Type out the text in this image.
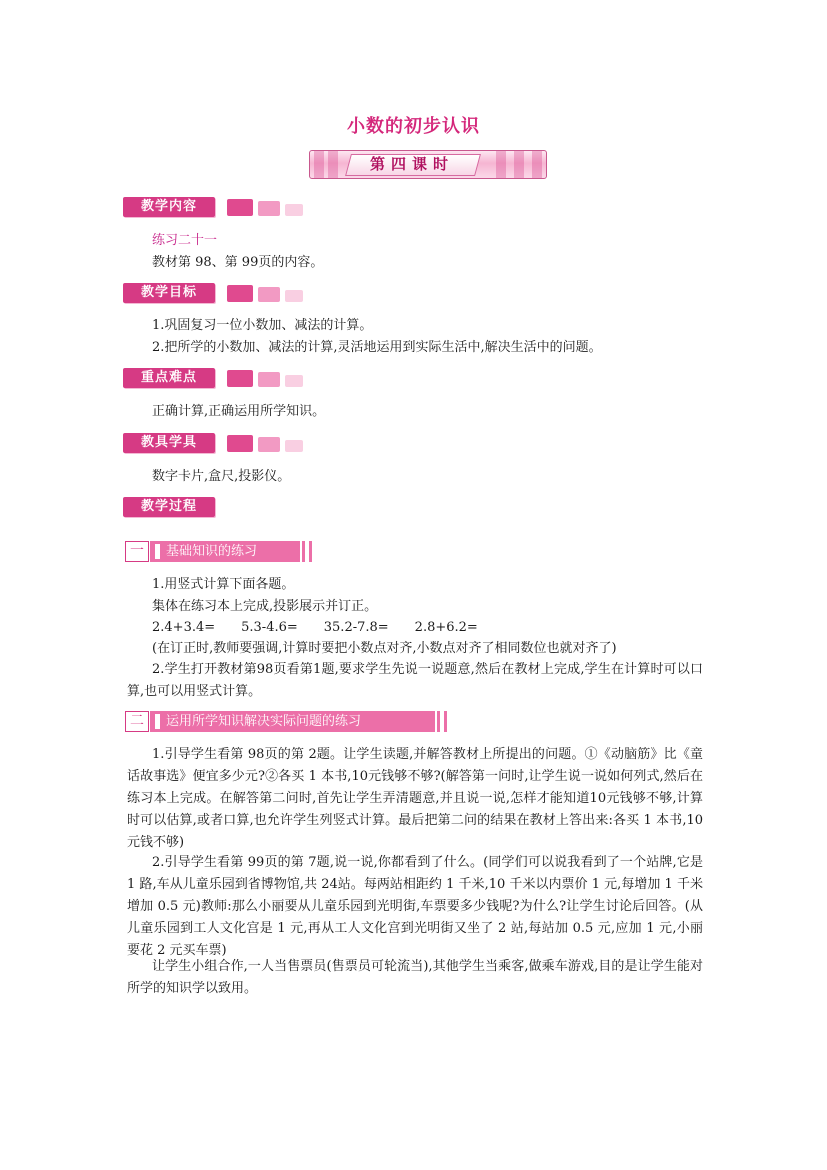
小数的初步认识
第四课时
教学内容
练习二十一
教材第 98、第 99页的内容。
教学目标
1.巩固复习一位小数加、减法的计算。
2.把所学的小数加、减法的计算,灵活地运用到实际生活中,解决生活中的问题。
重点难点
正确计算,正确运用所学知识。
教具学具
数字卡片,盒尺,投影仪。
教学过程
一	基础知识的练习
1.用竖式计算下面各题。
集体在练习本上完成,投影展示并订正。
2.4+3.4=　　5.3-4.6=　　35.2-7.8=　　2.8+6.2=
(在订正时,教师要强调,计算时要把小数点对齐,小数点对齐了相同数位也就对齐了)
2.学生打开教材第98页看第1题,要求学生先说一说题意,然后在教材上完成,学生在计算时可以口算,也可以用竖式计算。
二	运用所学知识解决实际问题的练习
1.引导学生看第 98页的第 2题。让学生读题,并解答教材上所提出的问题。①《动脑筋》比《童话故事选》便宜多少元?②各买 1 本书,10元钱够不够?(解答第一问时,让学生说一说如何列式,然后在练习本上完成。在解答第二问时,首先让学生弄清题意,并且说一说,怎样才能知道10元钱够不够,计算时可以估算,或者口算,也允许学生列竖式计算。最后把第二问的结果在教材上答出来:各买 1 本书,10元钱不够)
2.引导学生看第 99页的第 7题,说一说,你都看到了什么。(同学们可以说我看到了一个站牌,它是 1 路,车从儿童乐园到省博物馆,共 24站。每两站相距约 1 千米,10 千米以内票价 1 元,每增加 1 千米增加 0.5 元)教师:那么小丽要从儿童乐园到光明街,车票要多少钱呢?为什么?让学生讨论后回答。(从儿童乐园到工人文化宫是 1 元,再从工人文化宫到光明街又坐了 2 站,每站加 0.5 元,应加 1 元,小丽要花 2 元买车票)
让学生小组合作,一人当售票员(售票员可轮流当),其他学生当乘客,做乘车游戏,目的是让学生能对所学的知识学以致用。
